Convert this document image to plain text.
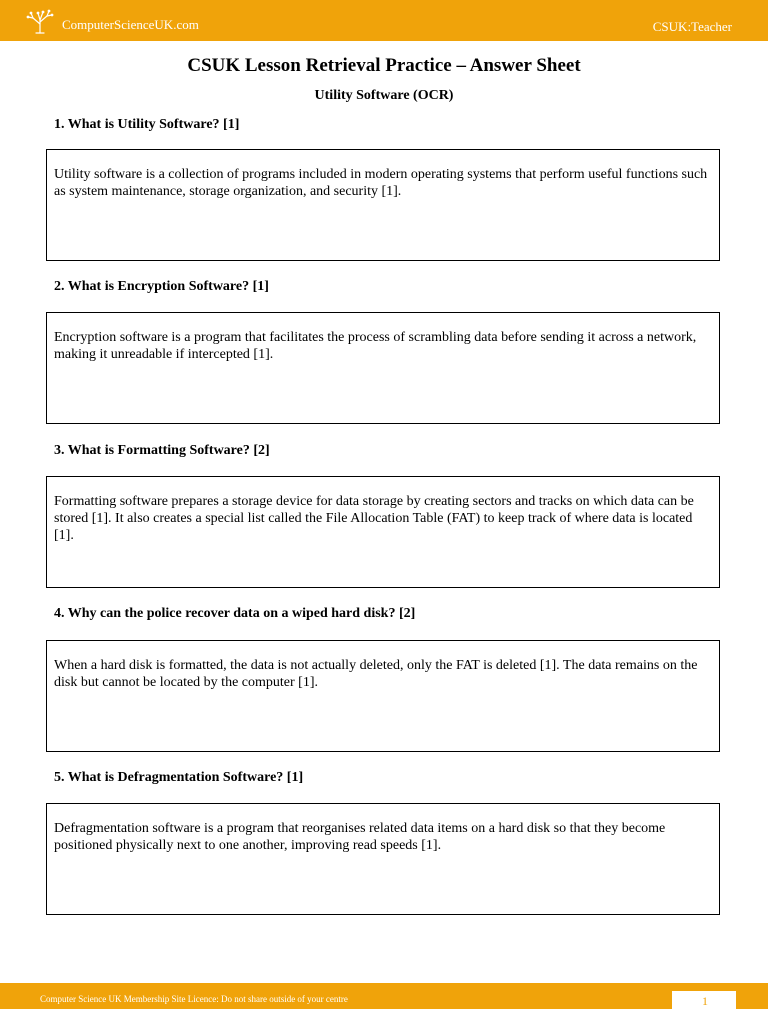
ComputerScienceUK.com	CSUK:Teacher
CSUK Lesson Retrieval Practice – Answer Sheet
Utility Software (OCR)
1. What is Utility Software? [1]
Utility software is a collection of programs included in modern operating systems that perform useful functions such as system maintenance, storage organization, and security [1].
2. What is Encryption Software? [1]
Encryption software is a program that facilitates the process of scrambling data before sending it across a network, making it unreadable if intercepted [1].
3. What is Formatting Software? [2]
Formatting software prepares a storage device for data storage by creating sectors and tracks on which data can be stored [1]. It also creates a special list called the File Allocation Table (FAT) to keep track of where data is located [1].
4. Why can the police recover data on a wiped hard disk? [2]
When a hard disk is formatted, the data is not actually deleted, only the FAT is deleted [1]. The data remains on the disk but cannot be located by the computer [1].
5. What is Defragmentation Software? [1]
Defragmentation software is a program that reorganises related data items on a hard disk so that they become positioned physically next to one another, improving read speeds [1].
Computer Science UK Membership Site Licence: Do not share outside of your centre	1
